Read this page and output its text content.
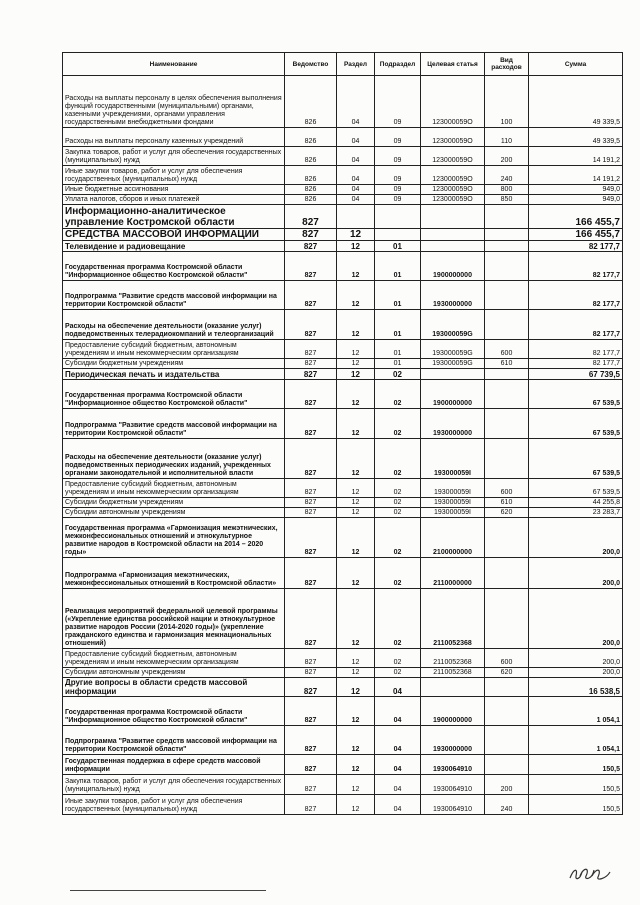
Наименование	Ведомство	Раздел	Подраздел	Целевая статья	Вид расходов	Сумма
Расходы на выплаты персоналу в целях обеспечения выполнения функций государственными (муниципальными) органами, казенными учреждениями, органами управления государственными внебюджетными фондами	826	04	09	123000059О	100	49 339,5
Расходы на выплаты персоналу казенных учреждений	826	04	09	123000059О	110	49 339,5
Закупка товаров, работ и услуг для обеспечения государственных (муниципальных) нужд	826	04	09	123000059О	200	14 191,2
Иные закупки товаров, работ и услуг для обеспечения государственных (муниципальных) нужд	826	04	09	123000059О	240	14 191,2
Иные бюджетные ассигнования	826	04	09	123000059О	800	949,0
Уплата налогов, сборов и иных платежей	826	04	09	123000059О	850	949,0
Информационно-аналитическое управление Костромской области	827					166 455,7
СРЕДСТВА МАССОВОЙ ИНФОРМАЦИИ	827	12				166 455,7
Телевидение и радиовещание	827	12	01			82 177,7
Государственная программа Костромской области "Информационное общество Костромской области"	827	12	01	1900000000		82 177,7
Подпрограмма "Развитие средств массовой информации на территории Костромской области"	827	12	01	1930000000		82 177,7
Расходы на обеспечение деятельности (оказание услуг) подведомственных телерадиокомпаний и телеорганизаций	827	12	01	193000059G		82 177,7
Предоставление субсидий бюджетным, автономным учреждениям и иным некоммерческим организациям	827	12	01	193000059G	600	82 177,7
Субсидии бюджетным учреждениям	827	12	01	193000059G	610	82 177,7
Периодическая печать и издательства	827	12	02			67 739,5
Государственная программа Костромской области "Информационное общество Костромской области"	827	12	02	1900000000		67 539,5
Подпрограмма "Развитие средств массовой информации на территории Костромской области"	827	12	02	1930000000		67 539,5
Расходы на обеспечение деятельности (оказание услуг) подведомственных периодических изданий, учрежденных органами законодательной и исполнительной власти	827	12	02	193000059I		67 539,5
Предоставление субсидий бюджетным, автономным учреждениям и иным некоммерческим организациям	827	12	02	193000059I	600	67 539,5
Субсидии бюджетным учреждениям	827	12	02	193000059I	610	44 255,8
Субсидии автономным учреждениям	827	12	02	193000059I	620	23 283,7
Государственная программа «Гармонизация межэтнических, межконфессиональных отношений и этнокультурное развитие народов в Костромской области на 2014 – 2020 годы»	827	12	02	2100000000		200,0
Подпрограмма «Гармонизация межэтнических, межконфессиональных отношений в Костромской области»	827	12	02	2110000000		200,0
Реализация мероприятий федеральной целевой программы («Укрепление единства российской нации и этнокультурное развитие народов России (2014-2020 годы)» (укрепление гражданского единства и гармонизация межнациональных отношений)	827	12	02	2110052368		200,0
Предоставление субсидий бюджетным, автономным учреждениям и иным некоммерческим организациям	827	12	02	2110052368	600	200,0
Субсидии автономным учреждениям	827	12	02	2110052368	620	200,0
Другие вопросы в области средств массовой информации	827	12	04			16 538,5
Государственная программа Костромской области "Информационное общество Костромской области"	827	12	04	1900000000		1 054,1
Подпрограмма "Развитие средств массовой информации на территории Костромской области"	827	12	04	1930000000		1 054,1
Государственная поддержка в сфере средств массовой информации	827	12	04	1930064910		150,5
Закупка товаров, работ и услуг для обеспечения государственных (муниципальных) нужд	827	12	04	1930064910	200	150,5
Иные закупки товаров, работ и услуг для обеспечения государственных (муниципальных) нужд	827	12	04	1930064910	240	150,5
